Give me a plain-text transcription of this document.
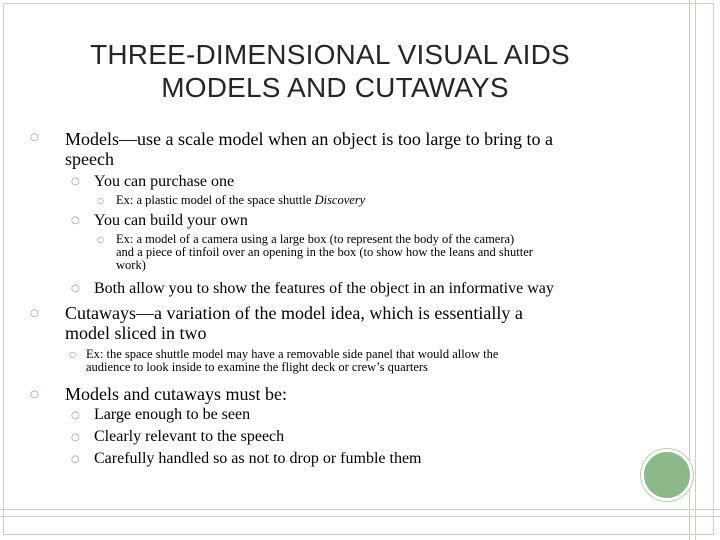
THREE-DIMENSIONAL VISUAL AIDS
MODELS AND CUTAWAYS
○ Models—use a scale model when an object is too large to bring to a
speech
○ You can purchase one
○ Ex: a plastic model of the space shuttle Discovery
○ You can build your own
○ Ex: a model of a camera using a large box (to represent the body of the camera)
and a piece of tinfoil over an opening in the box (to show how the leans and shutter
work)
○ Both allow you to show the features of the object in an informative way
○ Cutaways—a variation of the model idea, which is essentially a
model sliced in two
○ Ex: the space shuttle model may have a removable side panel that would allow the
audience to look inside to examine the flight deck or crew’s quarters
○ Models and cutaways must be:
○ Large enough to be seen
○ Clearly relevant to the speech
○ Carefully handled so as not to drop or fumble them
